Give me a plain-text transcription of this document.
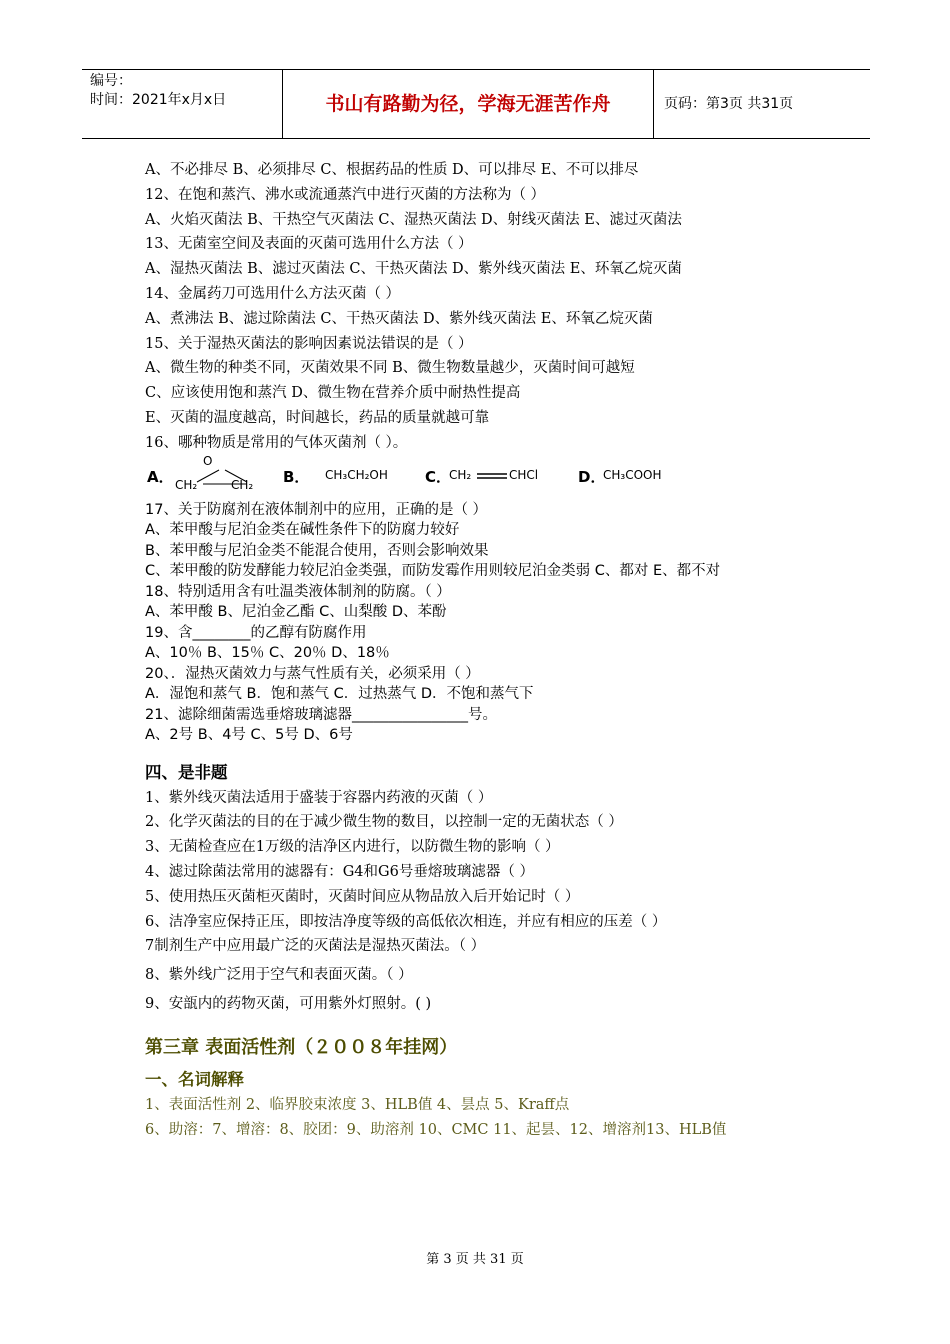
编号：
时间：2021年x月x日	书山有路勤为径，学海无涯苦作舟	页码：第3页 共31页
A、不必排尽 B、必须排尽 C、根据药品的性质 D、可以排尽 E、不可以排尽
12、在饱和蒸汽、沸水或流通蒸汽中进行灭菌的方法称为（ ）
A、火焰灭菌法 B、干热空气灭菌法 C、湿热灭菌法 D、射线灭菌法 E、滤过灭菌法
13、无菌室空间及表面的灭菌可选用什么方法（ ）
A、湿热灭菌法 B、滤过灭菌法 C、干热灭菌法 D、紫外线灭菌法 E、环氧乙烷灭菌
14、金属药刀可选用什么方法灭菌（ ）
A、煮沸法 B、滤过除菌法 C、干热灭菌法 D、紫外线灭菌法 E、环氧乙烷灭菌
15、关于湿热灭菌法的影响因素说法错误的是（ ）
A、微生物的种类不同，灭菌效果不同 B、微生物数量越少，灭菌时间可越短
C、应该使用饱和蒸汽 D、微生物在营养介质中耐热性提高
E、灭菌的温度越高，时间越长，药品的质量就越可靠
16、哪种物质是常用的气体灭菌剂（ ）。
A．
O
CH₂	CH₂ B． CH₃CH₂OH C．
CH₂	CHCl	D．
CH₃COOH
17、关于防腐剂在液体制剂中的应用，正确的是（ ）
A、苯甲酸与尼泊金类在碱性条件下的防腐力较好
B、苯甲酸与尼泊金类不能混合使用，否则会影响效果
C、苯甲酸的防发酵能力较尼泊金类强，而防发霉作用则较尼泊金类弱 C、都对 E、都不对
18、特别适用含有吐温类液体制剂的防腐。（ ）
A、苯甲酸 B、尼泊金乙酯 C、山梨酸 D、苯酚
19、含________的乙醇有防腐作用
A、10％ B、15％ C、20％ D、18％
20、．湿热灭菌效力与蒸气性质有关，必须采用（ ）
A．湿饱和蒸气 B．饱和蒸气 C．过热蒸气 D．不饱和蒸气下
21、滤除细菌需选垂熔玻璃滤器________________号。
A、2号 B、4号 C、5号 D、6号
四、是非题
1、紫外线灭菌法适用于盛装于容器内药液的灭菌（ ）
2、化学灭菌法的目的在于减少微生物的数目，以控制一定的无菌状态（ ）
3、无菌检查应在1万级的洁净区内进行，以防微生物的影响（ ）
4、滤过除菌法常用的滤器有：G4和G6号垂熔玻璃滤器（ ）
5、使用热压灭菌柜灭菌时，灭菌时间应从物品放入后开始记时（ ）
6、洁净室应保持正压，即按洁净度等级的高低依次相连，并应有相应的压差（ ）
7制剂生产中应用最广泛的灭菌法是湿热灭菌法。（ ）
8、紫外线广泛用于空气和表面灭菌。（ ）
9、安瓿内的药物灭菌，可用紫外灯照射。( )
第三章 表面活性剂（２００８年挂网）
一、名词解释
1、表面活性剂 2、临界胶束浓度 3、HLB值 4、昙点 5、Kraff点
6、助溶：7、增溶：8、胶团：9、助溶剂 10、CMC 11、起昙、12、增溶剂13、HLB值
第 3 页 共 31 页
